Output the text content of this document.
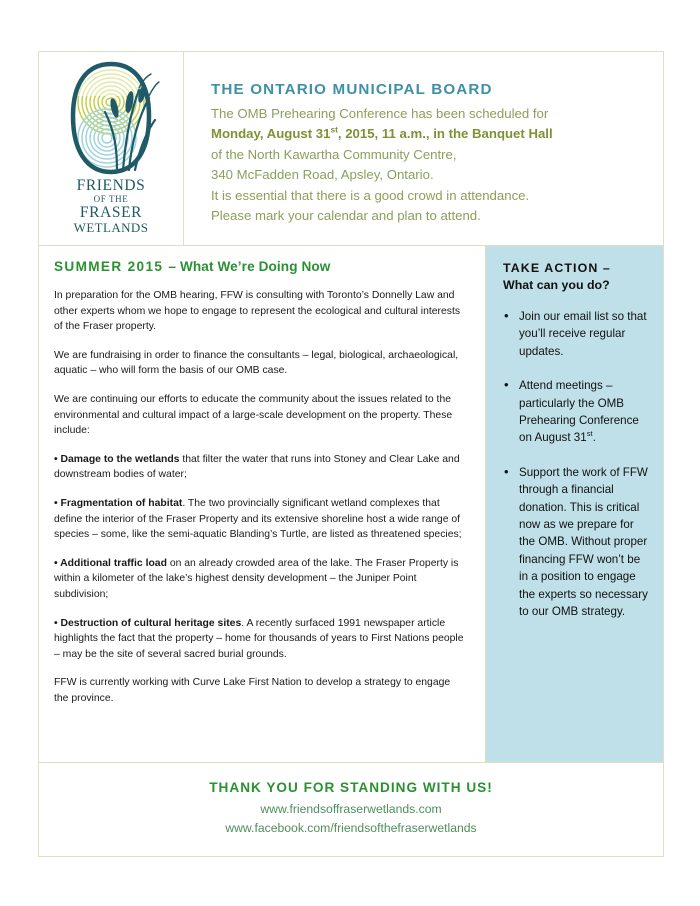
FRIENDS
OF THE
FRASER
WETLANDS
THE ONTARIO MUNICIPAL BOARD
The OMB Prehearing Conference has been scheduled for
Monday, August 31st, 2015, 11 a.m., in the Banquet Hall
of the North Kawartha Community Centre,
340 McFadden Road, Apsley, Ontario.
It is essential that there is a good crowd in attendance.
Please mark your calendar and plan to attend.
SUMMER 2015 – What We’re Doing Now

In preparation for the OMB hearing, FFW is consulting with Toronto’s Donnelly Law and other experts whom we hope to engage to represent the ecological and cultural interests of the Fraser property.

We are fundraising in order to finance the consultants – legal, biological, archaeological, aquatic – who will form the basis of our OMB case.

We are continuing our efforts to educate the community about the issues related to the environmental and cultural impact of a large-scale development on the property. These include:

• Damage to the wetlands that filter the water that runs into Stoney and Clear Lake and downstream bodies of water;

• Fragmentation of habitat. The two provincially significant wetland complexes that define the interior of the Fraser Property and its extensive shoreline host a wide range of species – some, like the semi-aquatic Blanding’s Turtle, are listed as threatened species;

• Additional traffic load on an already crowded area of the lake. The Fraser Property is within a kilometer of the lake’s highest density development – the Juniper Point subdivision;

• Destruction of cultural heritage sites. A recently surfaced 1991 newspaper article highlights the fact that the property – home for thousands of years to First Nations people – may be the site of several sacred burial grounds.

FFW is currently working with Curve Lake First Nation to develop a strategy to engage the province.

TAKE ACTION –
What can you do?
• Join our email list so that you’ll receive regular updates.
• Attend meetings – particularly the OMB Prehearing Conference on August 31st.
• Support the work of FFW through a financial donation. This is critical now as we prepare for the OMB. Without proper financing FFW won’t be in a position to engage the experts so necessary to our OMB strategy.
THANK YOU FOR STANDING WITH US!
www.friendsoffraserwetlands.com
www.facebook.com/friendsofthefraserwetlands
